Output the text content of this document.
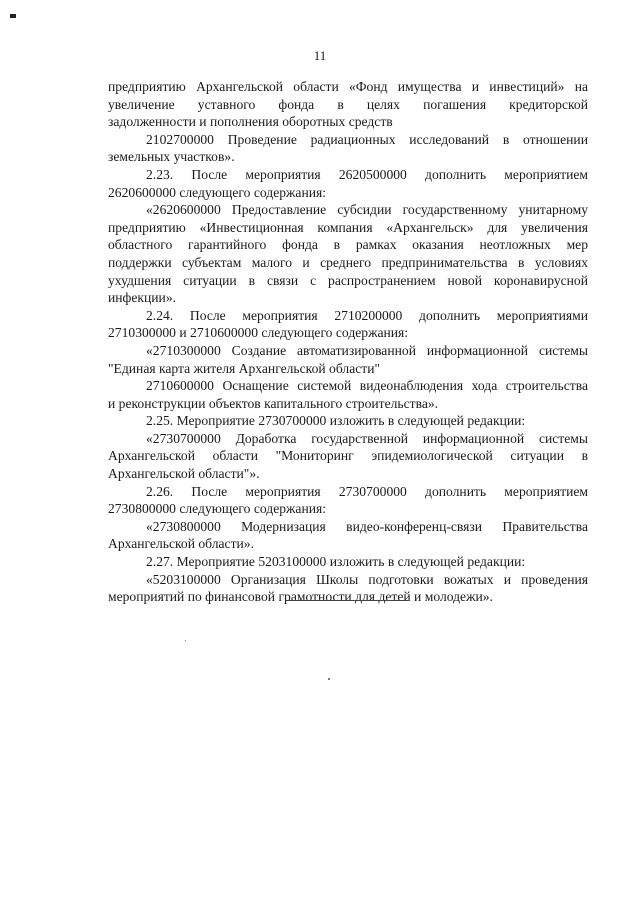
11
предприятию Архангельской области «Фонд имущества и инвестиций» на
увеличение уставного фонда в целях погашения кредиторской
задолженности и пополнения оборотных средств
2102700000 Проведение радиационных исследований в отношении
земельных участков».
2.23. После мероприятия 2620500000 дополнить мероприятием
2620600000 следующего содержания:
«2620600000 Предоставление субсидии государственному унитарному
предприятию «Инвестиционная компания «Архангельск» для увеличения
областного гарантийного фонда в рамках оказания неотложных мер
поддержки субъектам малого и среднего предпринимательства в условиях
ухудшения ситуации в связи с распространением новой коронавирусной
инфекции».
2.24. После мероприятия 2710200000 дополнить мероприятиями
2710300000 и 2710600000 следующего содержания:
«2710300000 Создание автоматизированной информационной системы
"Единая карта жителя Архангельской области"
2710600000 Оснащение системой видеонаблюдения хода строительства
и реконструкции объектов капитального строительства».
2.25. Мероприятие 2730700000 изложить в следующей редакции:
«2730700000 Доработка государственной информационной системы
Архангельской области "Мониторинг эпидемиологической ситуации в
Архангельской области"».
2.26. После мероприятия 2730700000 дополнить мероприятием
2730800000 следующего содержания:
«2730800000 Модернизация видео-конференц-связи Правительства
Архангельской области».
2.27. Мероприятие 5203100000 изложить в следующей редакции:
«5203100000 Организация Школы подготовки вожатых и проведения
мероприятий по финансовой грамотности для детей и молодежи».
